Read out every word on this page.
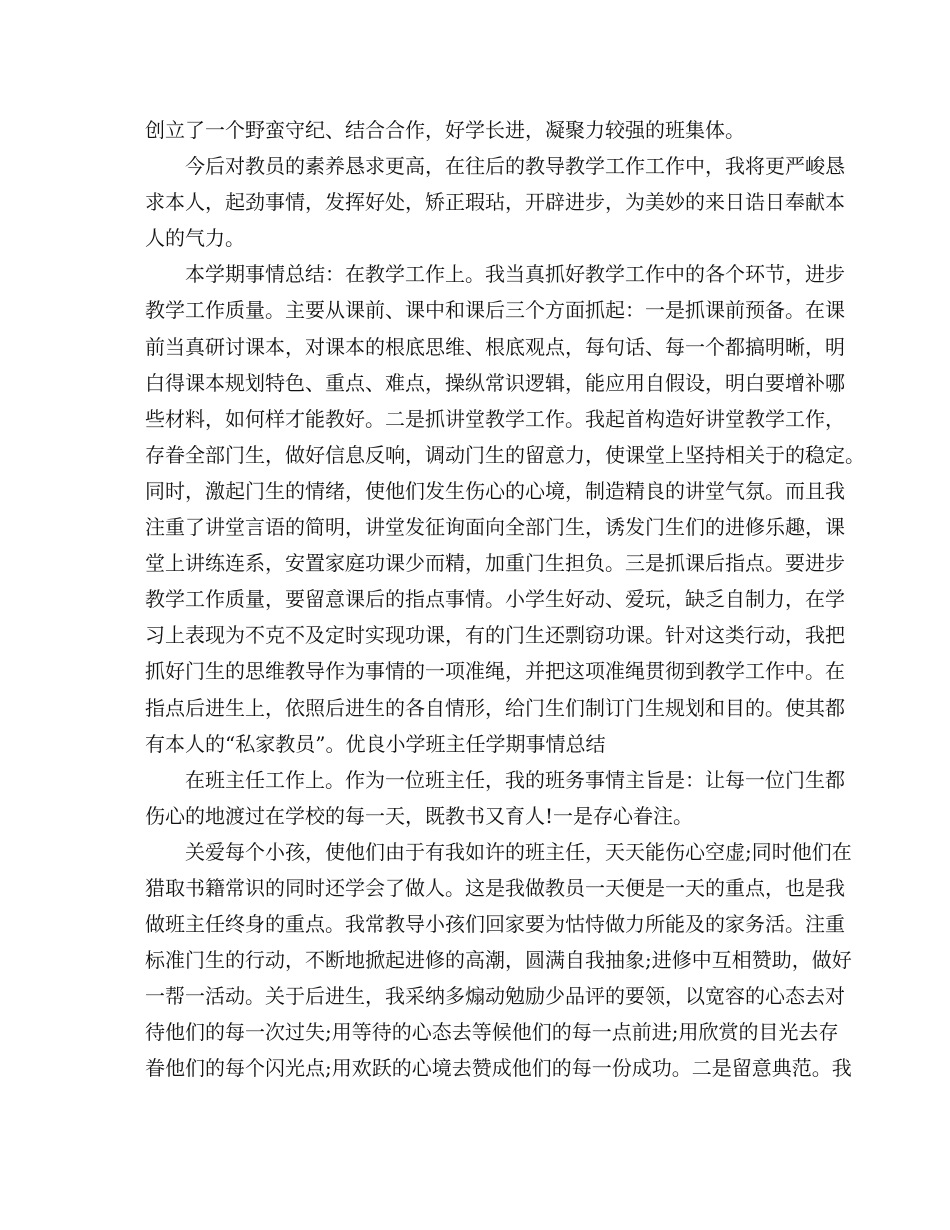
创立了一个野蛮守纪、结合合作，好学长进，凝聚力较强的班集体。
今后对教员的素养恳求更高，在往后的教导教学工作工作中，我将更严峻恳
求本人，起劲事情，发挥好处，矫正瑕玷，开辟进步，为美妙的来日诰日奉献本
人的气力。
本学期事情总结：在教学工作上。我当真抓好教学工作中的各个环节，进步
教学工作质量。主要从课前、课中和课后三个方面抓起：一是抓课前预备。在课
前当真研讨课本，对课本的根底思维、根底观点，每句话、每一个都搞明晰，明
白得课本规划特色、重点、难点，操纵常识逻辑，能应用自假设，明白要增补哪
些材料，如何样才能教好。二是抓讲堂教学工作。我起首构造好讲堂教学工作，
存眷全部门生，做好信息反响，调动门生的留意力，使课堂上坚持相关于的稳定。
同时，激起门生的情绪，使他们发生伤心的心境，制造精良的讲堂气氛。而且我
注重了讲堂言语的简明，讲堂发征询面向全部门生，诱发门生们的进修乐趣，课
堂上讲练连系，安置家庭功课少而精，加重门生担负。三是抓课后指点。要进步
教学工作质量，要留意课后的指点事情。小学生好动、爱玩，缺乏自制力，在学
习上表现为不克不及定时实现功课，有的门生还剽窃功课。针对这类行动，我把
抓好门生的思维教导作为事情的一项准绳，并把这项准绳贯彻到教学工作中。在
指点后进生上，依照后进生的各自情形，给门生们制订门生规划和目的。使其都
有本人的“私家教员”。优良小学班主任学期事情总结
在班主任工作上。作为一位班主任，我的班务事情主旨是：让每一位门生都
伤心的地渡过在学校的每一天，既教书又育人!一是存心眷注。
关爱每个小孩，使他们由于有我如许的班主任，天天能伤心空虚;同时他们在
猎取书籍常识的同时还学会了做人。这是我做教员一天便是一天的重点，也是我
做班主任终身的重点。我常教导小孩们回家要为怙恃做力所能及的家务活。注重
标准门生的行动，不断地掀起进修的高潮，圆满自我抽象;进修中互相赞助，做好
一帮一活动。关于后进生，我采纳多煽动勉励少品评的要领，以宽容的心态去对
待他们的每一次过失;用等待的心态去等候他们的每一点前进;用欣赏的目光去存
眷他们的每个闪光点;用欢跃的心境去赞成他们的每一份成功。二是留意典范。我
